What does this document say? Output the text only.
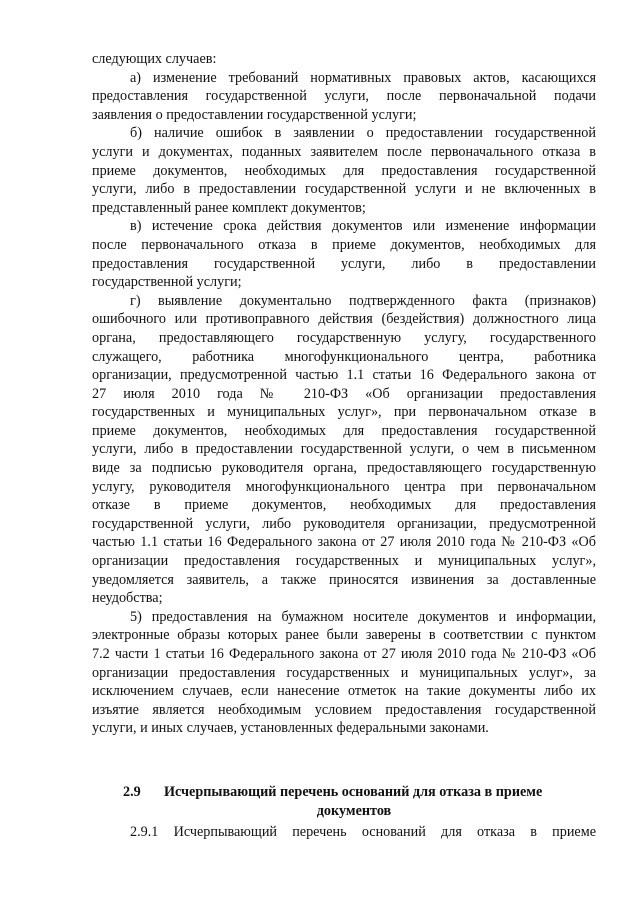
следующих случаев:
а) изменение требований нормативных правовых актов, касающихся
предоставления государственной услуги, после первоначальной подачи
заявления о предоставлении государственной услуги;
б) наличие ошибок в заявлении о предоставлении государственной
услуги и документах, поданных заявителем после первоначального отказа в
приеме документов, необходимых для предоставления государственной
услуги, либо в предоставлении государственной услуги и не включенных в
представленный ранее комплект документов;
в) истечение срока действия документов или изменение информации
после первоначального отказа в приеме документов, необходимых для
предоставления государственной услуги, либо в предоставлении
государственной услуги;
г) выявление документально подтвержденного факта (признаков)
ошибочного или противоправного действия (бездействия) должностного лица
органа, предоставляющего государственную услугу, государственного
служащего, работника многофункционального центра, работника
организации, предусмотренной частью 1.1 статьи 16 Федерального закона от
27 июля 2010 года № 210-ФЗ «Об организации предоставления
государственных и муниципальных услуг», при первоначальном отказе в
приеме документов, необходимых для предоставления государственной
услуги, либо в предоставлении государственной услуги, о чем в письменном
виде за подписью руководителя органа, предоставляющего государственную
услугу, руководителя многофункционального центра при первоначальном
отказе в приеме документов, необходимых для предоставления
государственной услуги, либо руководителя организации, предусмотренной
частью 1.1 статьи 16 Федерального закона от 27 июля 2010 года № 210-ФЗ «Об
организации предоставления государственных и муниципальных услуг»,
уведомляется заявитель, а также приносятся извинения за доставленные
неудобства;
5) предоставления на бумажном носителе документов и информации,
электронные образы которых ранее были заверены в соответствии с пунктом
7.2 части 1 статьи 16 Федерального закона от 27 июля 2010 года № 210-ФЗ «Об
организации предоставления государственных и муниципальных услуг», за
исключением случаев, если нанесение отметок на такие документы либо их
изъятие является необходимым условием предоставления государственной
услуги, и иных случаев, установленных федеральными законами.
2.9 Исчерпывающий перечень оснований для отказа в приеме
документов
2.9.1 Исчерпывающий перечень оснований для отказа в приеме
